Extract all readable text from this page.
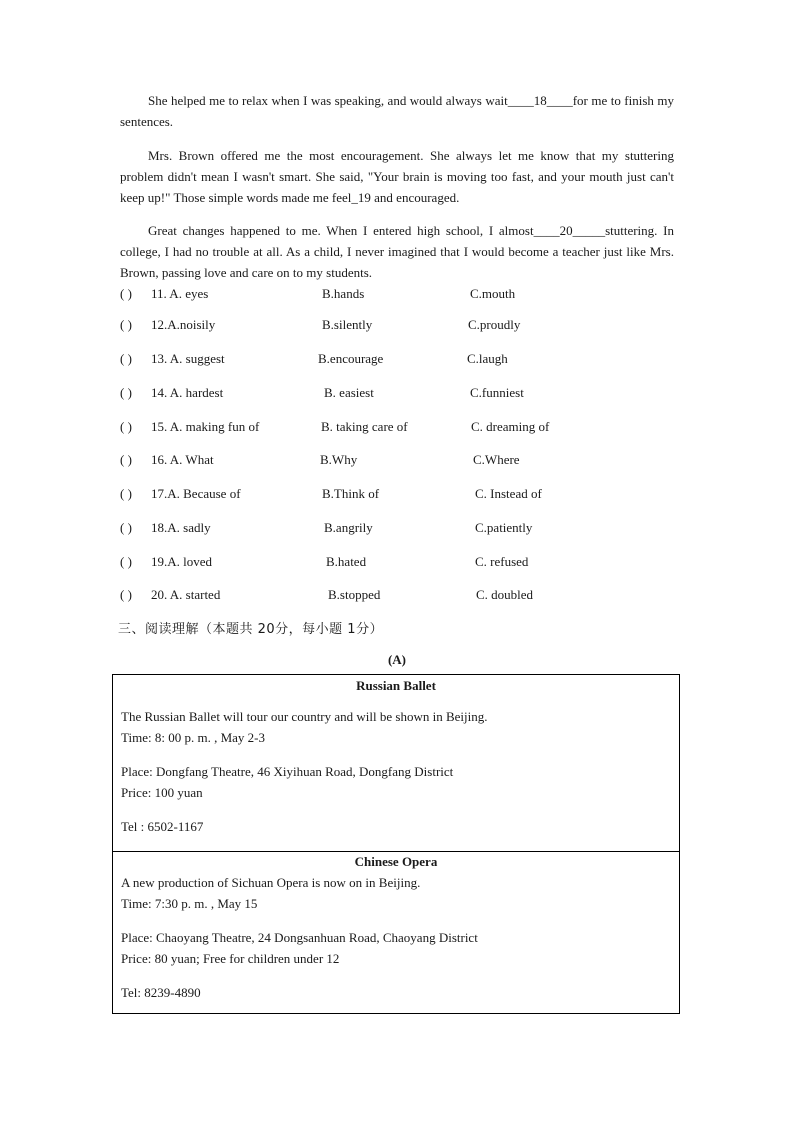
She helped me to relax when I was speaking, and would always wait____18____for me to finish my sentences.

Mrs. Brown offered me the most encouragement. She always let me know that my stuttering problem didn't mean I wasn't smart. She said, "Your brain is moving too fast, and your mouth just can't keep up!" Those simple words made me feel_19 and encouraged.

Great changes happened to me. When I entered high school, I almost____20_____stuttering. In college, I had no trouble at all. As a child, I never imagined that I would become a teacher just like Mrs. Brown, passing love and care on to my students.

( ) 11. A. eyes	B.hands	C.mouth
( ) 12.A.noisily	B.silently	C.proudly
( ) 13. A. suggest	B.encourage	C.laugh
( ) 14. A. hardest	B. easiest	C.funniest
( ) 15. A. making fun of	B. taking care of	C. dreaming of
( ) 16. A. What	B.Why	C.Where
( ) 17.A. Because of	B.Think of	C. Instead of
( ) 18.A. sadly	B.angrily	C.patiently
( ) 19.A. loved	B.hated	C. refused
( ) 20. A. started	B.stopped	C. doubled
三、阅读理解（本题共 20分，每小题 1分）
(A)
Russian Ballet
The Russian Ballet will tour our country and will be shown in Beijing.
Time: 8: 00 p. m. , May 2-3
Place: Dongfang Theatre, 46 Xiyihuan Road, Dongfang District
Price: 100 yuan
Tel : 6502-1167
Chinese Opera
A new production of Sichuan Opera is now on in Beijing.
Time: 7:30 p. m. , May 15
Place: Chaoyang Theatre, 24 Dongsanhuan Road, Chaoyang District
Price: 80 yuan; Free for children under 12
Tel: 8239-4890
